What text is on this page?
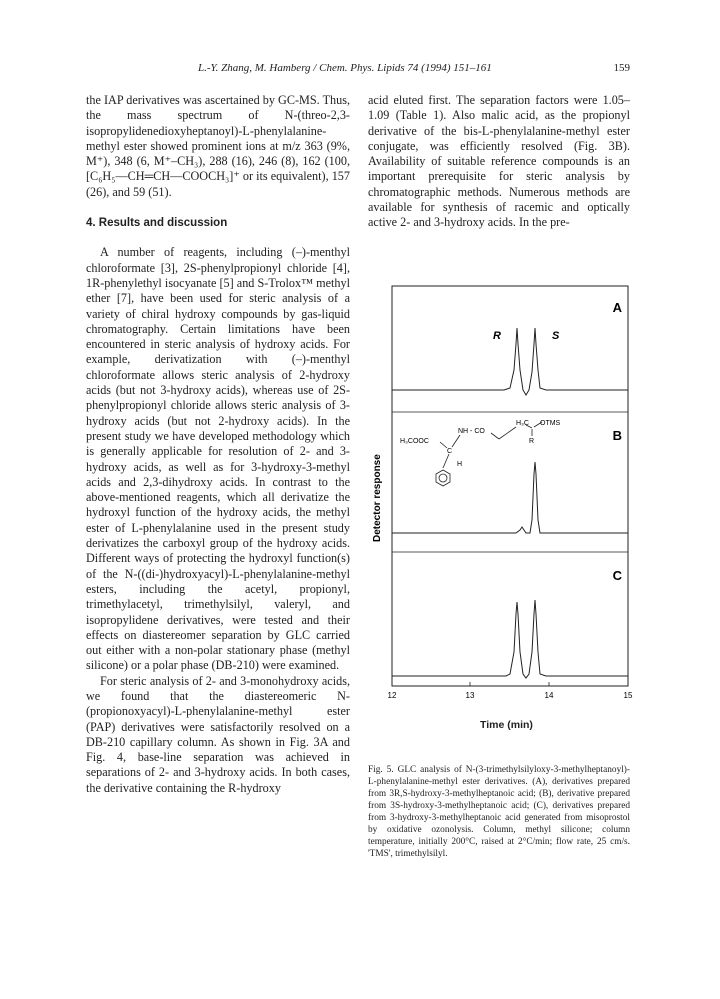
L.-Y. Zhang, M. Hamberg / Chem. Phys. Lipids 74 (1994) 151–161	159

the IAP derivatives was ascertained by GC-MS. Thus, the mass spectrum of N-(threo-2,3-isopropylidenedioxyheptanoyl)-L-phenylalanine-methyl ester showed prominent ions at m/z 363 (9%, M⁺), 348 (6, M⁺–CH₃), 288 (16), 246 (8), 162 (100, [C₆H₅—CH═CH—COOCH₃]⁺ or its equivalent), 157 (26), and 59 (51).

4. Results and discussion

A number of reagents, including (–)-menthyl chloroformate [3], 2S-phenylpropionyl chloride [4], 1R-phenylethyl isocyanate [5] and S-Trolox™ methyl ether [7], have been used for steric analysis of a variety of chiral hydroxy compounds by gas-liquid chromatography. Certain limitations have been encountered in steric analysis of hydroxy acids. For example, derivatization with (–)-menthyl chloroformate allows steric analysis of 2-hydroxy acids (but not 3-hydroxy acids), whereas use of 2S-phenylpropionyl chloride allows steric analysis of 3-hydroxy acids (but not 2-hydroxy acids). In the present study we have developed methodology which is generally applicable for resolution of 2- and 3-hydroxy acids, as well as for 3-hydroxy-3-methyl acids and 2,3-dihydroxy acids. In contrast to the above-mentioned reagents, which all derivatize the hydroxyl function of the hydroxy acids, the methyl ester of L-phenylalanine used in the present study derivatizes the carboxyl group of the hydroxy acids. Different ways of protecting the hydroxyl function(s) of the N-((di-)hydroxyacyl)-L-phenylalanine-methyl esters, including the acetyl, propionyl, trimethylacetyl, trimethylsilyl, valeryl, and isopropylidene derivatives, were tested and their effects on diastereomer separation by GLC carried out either with a non-polar stationary phase (methyl silicone) or a polar phase (DB-210) were examined.

For steric analysis of 2- and 3-monohydroxy acids, we found that the diastereomeric N-(propionoxyacyl)-L-phenylalanine-methyl ester (PAP) derivatives were satisfactorily resolved on a DB-210 capillary column. As shown in Fig. 3A and Fig. 4, base-line separation was achieved in separations of 2- and 3-hydroxy acids. In both cases, the derivative containing the R-hydroxy

acid eluted first. The separation factors were 1.05–1.09 (Table 1). Also malic acid, as the propionyl derivative of the bis-L-phenylalanine-methyl ester conjugate, was efficiently resolved (Fig. 3B). Availability of suitable reference compounds is an important prerequisite for steric analysis by chromatographic methods. Numerous methods are available for synthesis of racemic and optically active 2- and 3-hydroxy acids. In the pre-

A
R	S
B
H₃COOC
C
H
NH - CO
H₃C OTMS
R
Detector response
C
12	13	14	15
Time (min)
Fig. 5. GLC analysis of N-(3-trimethylsilyloxy-3-methylheptanoyl)-L-phenylalanine-methyl ester derivatives. (A), derivatives prepared from 3R,S-hydroxy-3-methylheptanoic acid; (B), derivative prepared from 3S-hydroxy-3-methylheptanoic acid; (C), derivatives prepared from 3-hydroxy-3-methylheptanoic acid generated from misoprostol by oxidative ozonolysis. Column, methyl silicone; column temperature, initially 200°C, raised at 2°C/min; flow rate, 25 cm/s. 'TMS', trimethylsilyl.
